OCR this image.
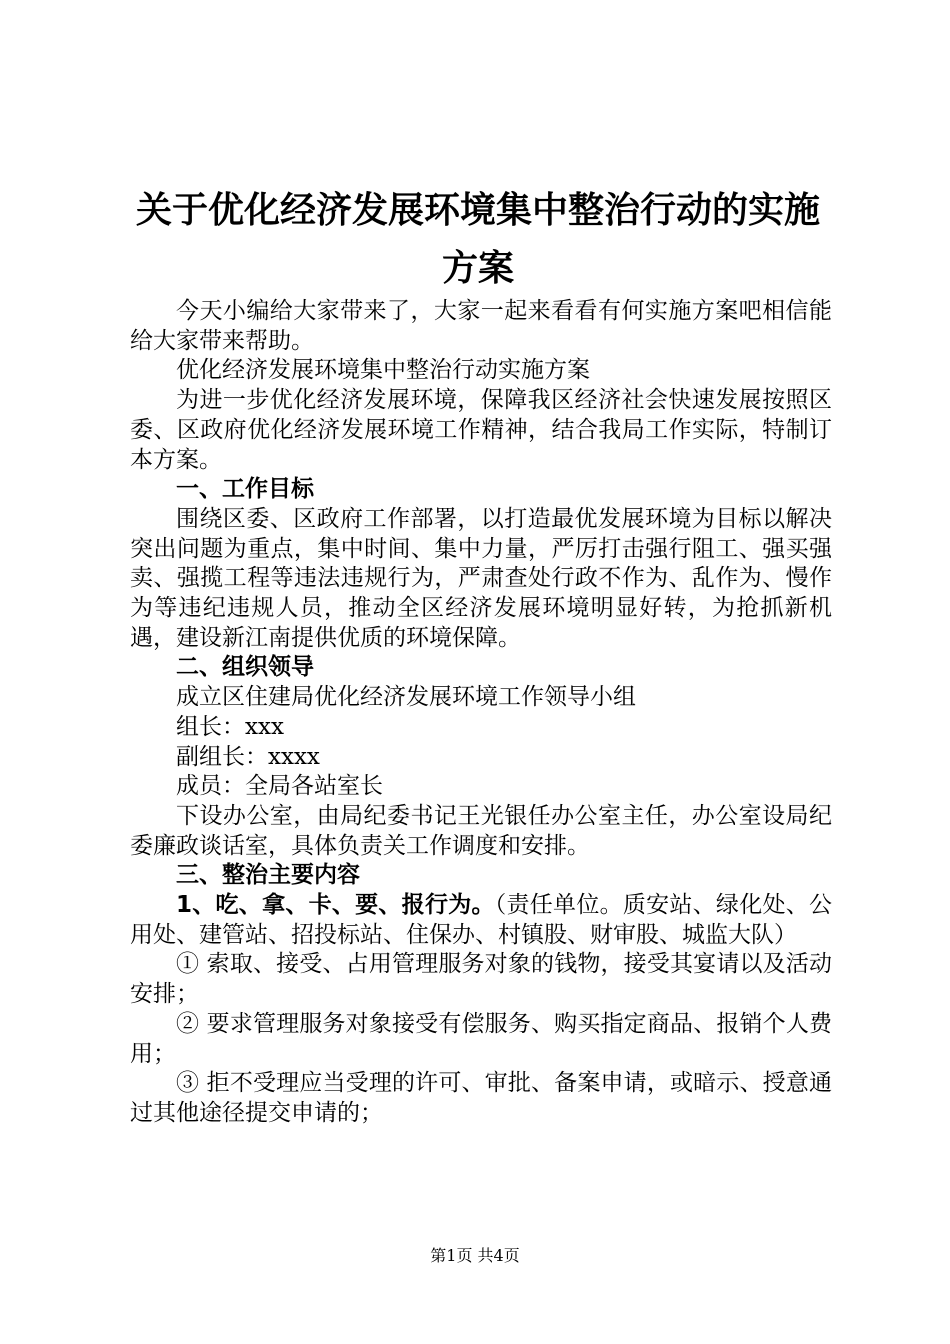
关于优化经济发展环境集中整治行动的实施方案

今天小编给大家带来了，大家一起来看看有何实施方案吧相信能给大家带来帮助。

优化经济发展环境集中整治行动实施方案

为进一步优化经济发展环境，保障我区经济社会快速发展按照区委、区政府优化经济发展环境工作精神，结合我局工作实际，特制订本方案。

一、工作目标

围绕区委、区政府工作部署，以打造最优发展环境为目标以解决突出问题为重点，集中时间、集中力量，严厉打击强行阻工、强买强卖、强揽工程等违法违规行为，严肃查处行政不作为、乱作为、慢作为等违纪违规人员，推动全区经济发展环境明显好转，为抢抓新机遇，建设新江南提供优质的环境保障。

二、组织领导

成立区住建局优化经济发展环境工作领导小组

组长：xxx

副组长：xxxx

成员：全局各站室长

下设办公室，由局纪委书记王光银任办公室主任，办公室设局纪委廉政谈话室，具体负责关工作调度和安排。

三、整治主要内容

1、吃、拿、卡、要、报行为。（责任单位。质安站、绿化处、公用处、建管站、招投标站、住保办、村镇股、财审股、城监大队）

① 索取、接受、占用管理服务对象的钱物，接受其宴请以及活动安排；

② 要求管理服务对象接受有偿服务、购买指定商品、报销个人费用；

③ 拒不受理应当受理的许可、审批、备案申请，或暗示、授意通过其他途径提交申请的；

第1页 共4页
